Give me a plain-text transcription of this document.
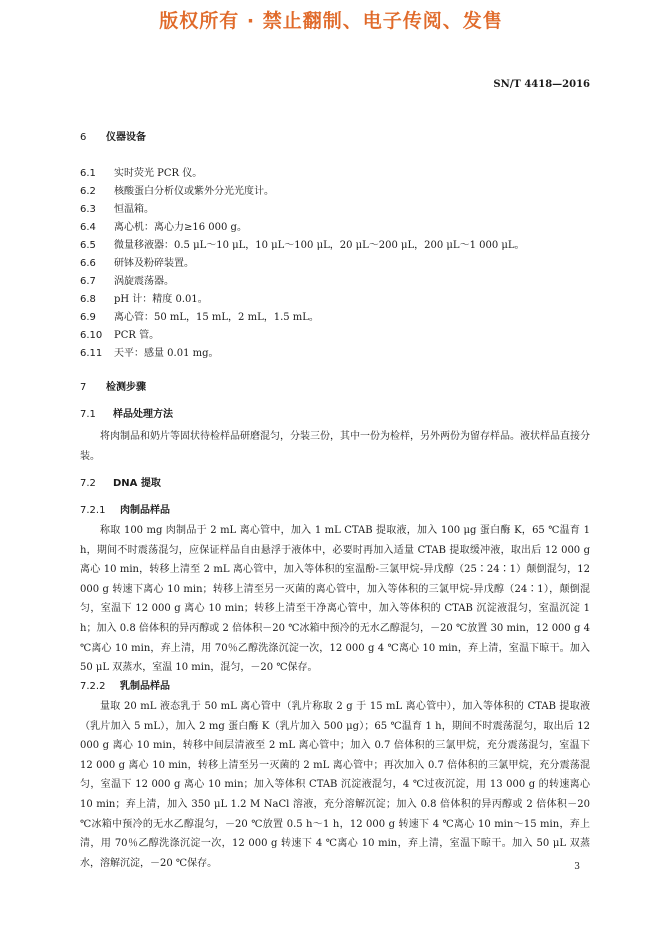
版权所有 · 禁止翻制、电子传阅、发售
SN/T 4418—2016
6 仪器设备
6.1 实时荧光 PCR 仪。
6.2 核酸蛋白分析仪或紫外分光光度计。
6.3 恒温箱。
6.4 离心机：离心力≥16 000 g。
6.5 微量移液器：0.5 μL～10 μL，10 μL～100 μL，20 μL～200 μL，200 μL～1 000 μL。
6.6 研钵及粉碎装置。
6.7 涡旋震荡器。
6.8 pH 计：精度 0.01。
6.9 离心管：50 mL，15 mL，2 mL，1.5 mL。
6.10 PCR 管。
6.11 天平：感量 0.01 mg。
7 检测步骤
7.1 样品处理方法
将肉制品和奶片等固状待检样品研磨混匀，分装三份，其中一份为检样，另外两份为留存样品。液状样品直接分装。
7.2 DNA 提取
7.2.1 肉制品样品
称取 100 mg 肉制品于 2 mL 离心管中，加入 1 mL CTAB 提取液，加入 100 μg 蛋白酶 K，65 ℃温育 1 h，期间不时震荡混匀，应保证样品自由悬浮于液体中，必要时再加入适量 CTAB 提取缓冲液，取出后 12 000 g 离心 10 min，转移上清至 2 mL 离心管中，加入等体积的室温酚-三氯甲烷-异戊醇（25∶24∶1）颠倒混匀，12 000 g 转速下离心 10 min；转移上清至另一灭菌的离心管中，加入等体积的三氯甲烷-异戊醇（24∶1），颠倒混匀，室温下 12 000 g 离心 10 min；转移上清至干净离心管中，加入等体积的 CTAB 沉淀液混匀，室温沉淀 1 h；加入 0.8 倍体积的异丙醇或 2 倍体积－20 ℃冰箱中预冷的无水乙醇混匀，－20 ℃放置 30 min，12 000 g 4 ℃离心 10 min，弃上清，用 70％乙醇洗涤沉淀一次，12 000 g 4 ℃离心 10 min，弃上清，室温下晾干。加入 50 μL 双蒸水，室温 10 min，混匀，－20 ℃保存。
7.2.2 乳制品样品
量取 20 mL 液态乳于 50 mL 离心管中（乳片称取 2 g 于 15 mL 离心管中），加入等体积的 CTAB 提取液（乳片加入 5 mL），加入 2 mg 蛋白酶 K（乳片加入 500 μg）；65 ℃温育 1 h，期间不时震荡混匀，取出后 12 000 g 离心 10 min，转移中间层清液至 2 mL 离心管中；加入 0.7 倍体积的三氯甲烷，充分震荡混匀，室温下 12 000 g 离心 10 min，转移上清至另一灭菌的 2 mL 离心管中；再次加入 0.7 倍体积的三氯甲烷，充分震荡混匀，室温下 12 000 g 离心 10 min；加入等体积 CTAB 沉淀液混匀，4 ℃过夜沉淀，用 13 000 g 的转速离心 10 min；弃上清，加入 350 μL 1.2 M NaCl 溶液，充分溶解沉淀；加入 0.8 倍体积的异丙醇或 2 倍体积－20 ℃冰箱中预冷的无水乙醇混匀，－20 ℃放置 0.5 h～1 h，12 000 g 转速下 4 ℃离心 10 min～15 min，弃上清，用 70％乙醇洗涤沉淀一次，12 000 g 转速下 4 ℃离心 10 min，弃上清，室温下晾干。加入 50 μL 双蒸水，溶解沉淀，－20 ℃保存。	3
